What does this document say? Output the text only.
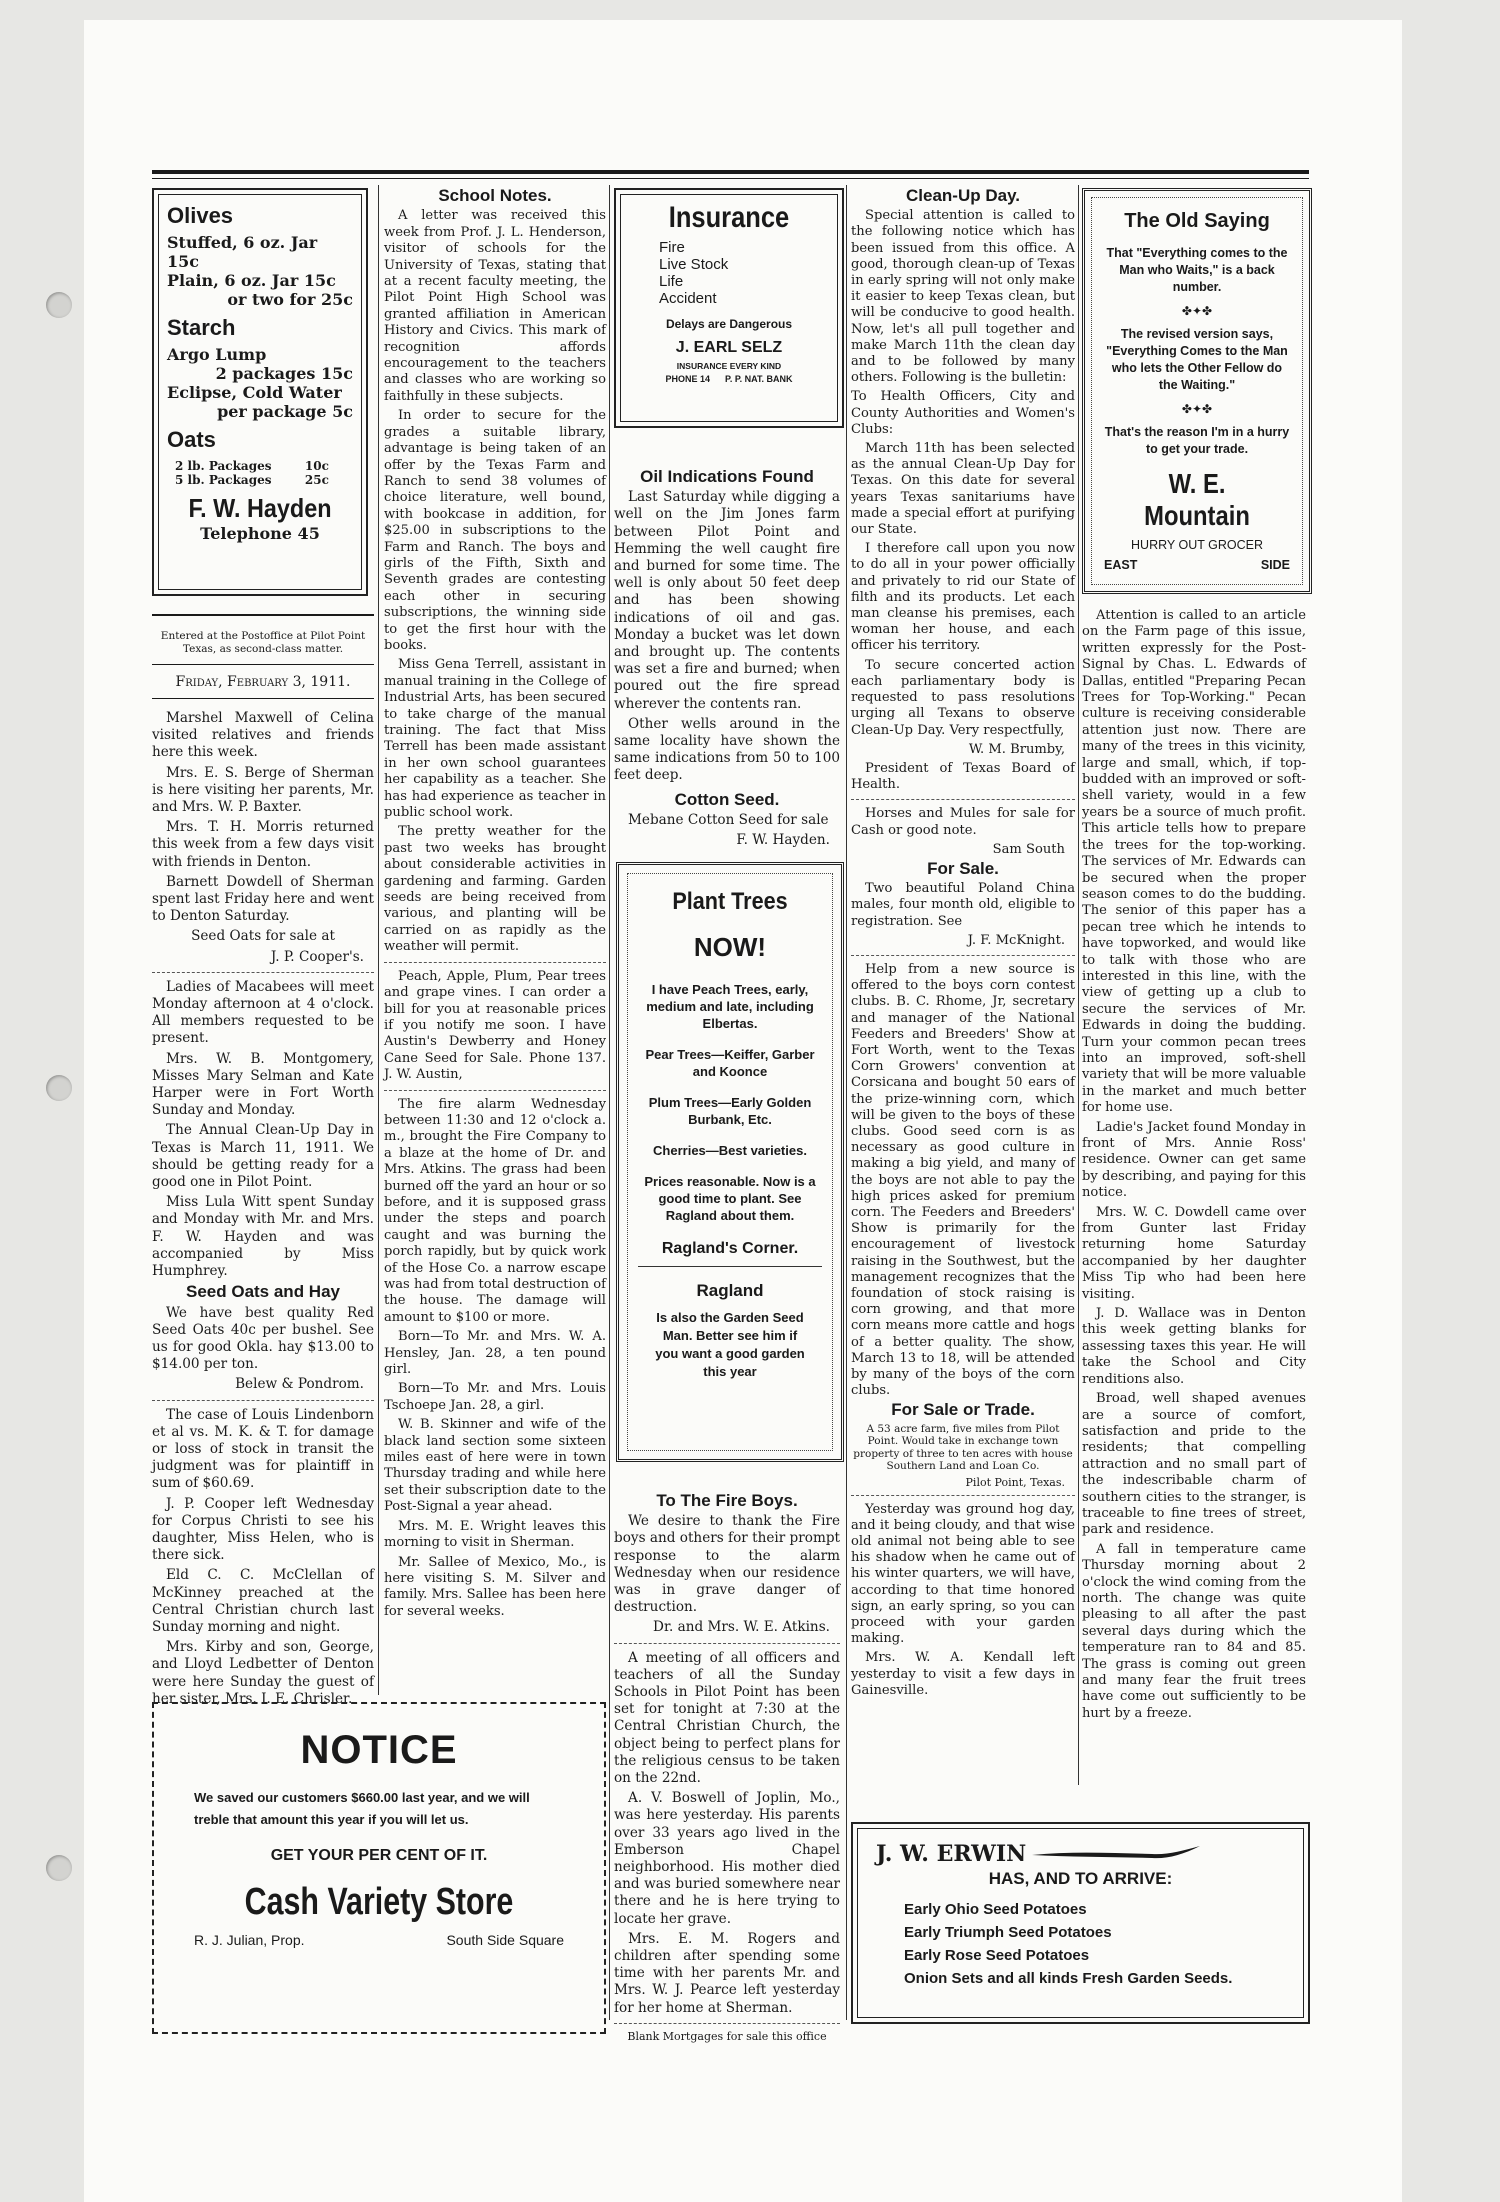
Olives
Stuffed, 6 oz. Jar 15c
Plain, 6 oz. Jar 15c
or two for 25c
Starch
Argo Lump
2 packages 15c
Eclipse, Cold Water
per package 5c
Oats
2 lb. Packages        10c
5 lb. Packages        25c
F. W. Hayden
Telephone 45
Entered at the Postoffice at Pilot Point Texas, as second-class matter.
Friday, February 3, 1911.

Marshel Maxwell of Celina visited relatives and friends here this week.

Mrs. E. S. Berge of Sherman is here visiting her parents, Mr. and Mrs. W. P. Baxter.

Mrs. T. H. Morris returned this week from a few days visit with friends in Denton.

Barnett Dowdell of Sherman spent last Friday here and went to Denton Saturday.

Seed Oats for sale at

J. P. Cooper's.

Ladies of Macabees will meet Monday afternoon at 4 o'clock. All members requested to be present.

Mrs. W. B. Montgomery, Misses Mary Selman and Kate Harper were in Fort Worth Sunday and Monday.

The Annual Clean-Up Day in Texas is March 11, 1911. We should be getting ready for a good one in Pilot Point.

Miss Lula Witt spent Sunday and Monday with Mr. and Mrs. F. W. Hayden and was accompanied by Miss Humphrey.

Seed Oats and Hay

We have best quality Red Seed Oats 40c per bushel. See us for good Okla. hay $13.00 to $14.00 per ton.

Belew & Pondrom.

The case of Louis Lindenborn et al vs. M. K. & T. for damage or loss of stock in transit the judgment was for plaintiff in sum of $60.69.

J. P. Cooper left Wednesday for Corpus Christi to see his daughter, Miss Helen, who is there sick.

Eld C. C. McClellan of McKinney preached at the Central Christian church last Sunday morning and night.

Mrs. Kirby and son, George, and Lloyd Ledbetter of Denton were here Sunday the guest of her sister, Mrs. I. E. Chrisler.

School Notes.

A letter was received this week from Prof. J. L. Henderson, visitor of schools for the University of Texas, stating that at a recent faculty meeting, the Pilot Point High School was granted affiliation in American History and Civics. This mark of recognition affords encouragement to the teachers and classes who are working so faithfully in these subjects.

In order to secure for the grades a suitable library, advantage is being taken of an offer by the Texas Farm and Ranch to send 38 volumes of choice literature, well bound, with bookcase in addition, for $25.00 in subscriptions to the Farm and Ranch. The boys and girls of the Fifth, Sixth and Seventh grades are contesting each other in securing subscriptions, the winning side to get the first hour with the books.

Miss Gena Terrell, assistant in manual training in the College of Industrial Arts, has been secured to take charge of the manual training. The fact that Miss Terrell has been made assistant in her own school guarantees her capability as a teacher. She has had experience as teacher in public school work.

The pretty weather for the past two weeks has brought about considerable activities in gardening and farming. Garden seeds are being received from various, and planting will be carried on as rapidly as the weather will permit.

Peach, Apple, Plum, Pear trees and grape vines. I can order a bill for you at reasonable prices if you notify me soon. I have Austin's Dewberry and Honey Cane Seed for Sale. Phone 137. J. W. Austin,

The fire alarm Wednesday between 11:30 and 12 o'clock a. m., brought the Fire Company to a blaze at the home of Dr. and Mrs. Atkins. The grass had been burned off the yard an hour or so before, and it is supposed grass under the steps and poarch caught and was burning the porch rapidly, but by quick work of the Hose Co. a narrow escape was had from total destruction of the house. The damage will amount to $100 or more.

Born—To Mr. and Mrs. W. A. Hensley, Jan. 28, a ten pound girl.

Born—To Mr. and Mrs. Louis Tschoepe Jan. 28, a girl.

W. B. Skinner and wife of the black land section some sixteen miles east of here were in town Thursday trading and while here set their subscription date to the Post-Signal a year ahead.

Mrs. M. E. Wright leaves this morning to visit in Sherman.

Mr. Sallee of Mexico, Mo., is here visiting S. M. Silver and family. Mrs. Sallee has been here for several weeks.

Insurance
Fire
Live Stock
Life
Accident
Delays are Dangerous
J. EARL SELZ
INSURANCE EVERY KIND
PHONE 14      P. P. NAT. BANK
Oil Indications Found

Last Saturday while digging a well on the Jim Jones farm between Pilot Point and Hemming the well caught fire and burned for some time. The well is only about 50 feet deep and has been showing indications of oil and gas. Monday a bucket was let down and brought up. The contents was set a fire and burned; when poured out the fire spread wherever the contents ran.

Other wells around in the same locality have shown the same indications from 50 to 100 feet deep.

Cotton Seed.

Mebane Cotton Seed for sale

F. W. Hayden.

Plant Trees
NOW!
I have Peach Trees, early, medium and late, including Elbertas.
Pear Trees—Keiffer, Garber and Koonce
Plum Trees—Early Golden Burbank, Etc.
Cherries—Best varieties.
Prices reasonable. Now is a good time to plant. See Ragland about them.
Ragland's Corner.
Ragland
Is also the Garden Seed Man. Better see him if you want a good garden this year
To The Fire Boys.

We desire to thank the Fire boys and others for their prompt response to the alarm Wednesday when our residence was in grave danger of destruction.

Dr. and Mrs. W. E. Atkins.

A meeting of all officers and teachers of all the Sunday Schools in Pilot Point has been set for tonight at 7:30 at the Central Christian Church, the object being to perfect plans for the religious census to be taken on the 22nd.

A. V. Boswell of Joplin, Mo., was here yesterday. His parents over 33 years ago lived in the Emberson Chapel neighborhood. His mother died and was buried somewhere near there and he is here trying to locate her grave.

Mrs. E. M. Rogers and children after spending some time with her parents Mr. and Mrs. W. J. Pearce left yesterday for her home at Sherman.

Blank Mortgages for sale this office

Clean-Up Day.

Special attention is called to the following notice which has been issued from this office. A good, thorough clean-up of Texas in early spring will not only make it easier to keep Texas clean, but will be conducive to good health. Now, let's all pull together and make March 11th the clean day and to be followed by many others. Following is the bulletin:

To Health Officers, City and County Authorities and Women's Clubs:

March 11th has been selected as the annual Clean-Up Day for Texas. On this date for several years Texas sanitariums have made a special effort at purifying our State.

I therefore call upon you now to do all in your power officially and privately to rid our State of filth and its products. Let each man cleanse his premises, each woman her house, and each officer his territory.

To secure concerted action each parliamentary body is requested to pass resolutions urging all Texans to observe Clean-Up Day. Very respectfully,

W. M. Brumby,

President of Texas Board of Health.

Horses and Mules for sale for Cash or good note.

Sam South

For Sale.

Two beautiful Poland China males, four month old, eligible to registration. See

J. F. McKnight.

Help from a new source is offered to the boys corn contest clubs. B. C. Rhome, Jr, secretary and manager of the National Feeders and Breeders' Show at Fort Worth, went to the Texas Corn Growers' convention at Corsicana and bought 50 ears of the prize-winning corn, which will be given to the boys of these clubs. Good seed corn is as necessary as good culture in making a big yield, and many of the boys are not able to pay the high prices asked for premium corn. The Feeders and Breeders' Show is primarily for the encouragement of livestock raising in the Southwest, but the management recognizes that the foundation of stock raising is corn growing, and that more corn means more cattle and hogs of a better quality. The show, March 13 to 18, will be attended by many of the boys of the corn clubs.

For Sale or Trade.

A 53 acre farm, five miles from Pilot Point. Would take in exchange town property of three to ten acres with house Southern Land and Loan Co.

Pilot Point, Texas.

Yesterday was ground hog day, and it being cloudy, and that wise old animal not being able to see his shadow when he came out of his winter quarters, we will have, according to that time honored sign, an early spring, so you can proceed with your garden making.

Mrs. W. A. Kendall left yesterday to visit a few days in Gainesville.

The Old Saying
That "Everything comes to the Man who Waits," is a back number.
✤✦✤
The revised version says, "Everything Comes to the Man who lets the Other Fellow do the Waiting."
✤✦✤
That's the reason I'm in a hurry to get your trade.
W. E. Mountain
HURRY OUT GROCER
EAST	SIDE

Attention is called to an article on the Farm page of this issue, written expressly for the Post-Signal by Chas. L. Edwards of Dallas, entitled "Preparing Pecan Trees for Top-Working." Pecan culture is receiving considerable attention just now. There are many of the trees in this vicinity, large and small, which, if top-budded with an improved or soft-shell variety, would in a few years be a source of much profit. This article tells how to prepare the trees for the top-working. The services of Mr. Edwards can be secured when the proper season comes to do the budding. The senior of this paper has a pecan tree which he intends to have topworked, and would like to talk with those who are interested in this line, with the view of getting up a club to secure the services of Mr. Edwards in doing the budding. Turn your common pecan trees into an improved, soft-shell variety that will be more valuable in the market and much better for home use.

Ladie's Jacket found Monday in front of Mrs. Annie Ross' residence. Owner can get same by describing, and paying for this notice.

Mrs. W. C. Dowdell came over from Gunter last Friday returning home Saturday accompanied by her daughter Miss Tip who had been here visiting.

J. D. Wallace was in Denton this week getting blanks for assessing taxes this year. He will take the School and City renditions also.

Broad, well shaped avenues are a source of comfort, satisfaction and pride to the residents; that compelling attraction and no small part of the indescribable charm of southern cities to the stranger, is traceable to fine trees of street, park and residence.

A fall in temperature came Thursday morning about 2 o'clock the wind coming from the north. The change was quite pleasing to all after the past several days during which the temperature ran to 84 and 85. The grass is coming out green and many fear the fruit trees have come out sufficiently to be hurt by a freeze.

NOTICE
We saved our customers $660.00 last year, and we will treble that amount this year if you will let us.
GET YOUR PER CENT OF IT.
Cash Variety Store
R. J. Julian, Prop.	South Side Square
J. W. ERWIN
HAS, AND TO ARRIVE:
Early Ohio Seed Potatoes
Early Triumph Seed Potatoes
Early Rose Seed Potatoes
Onion Sets and all kinds Fresh Garden Seeds.
